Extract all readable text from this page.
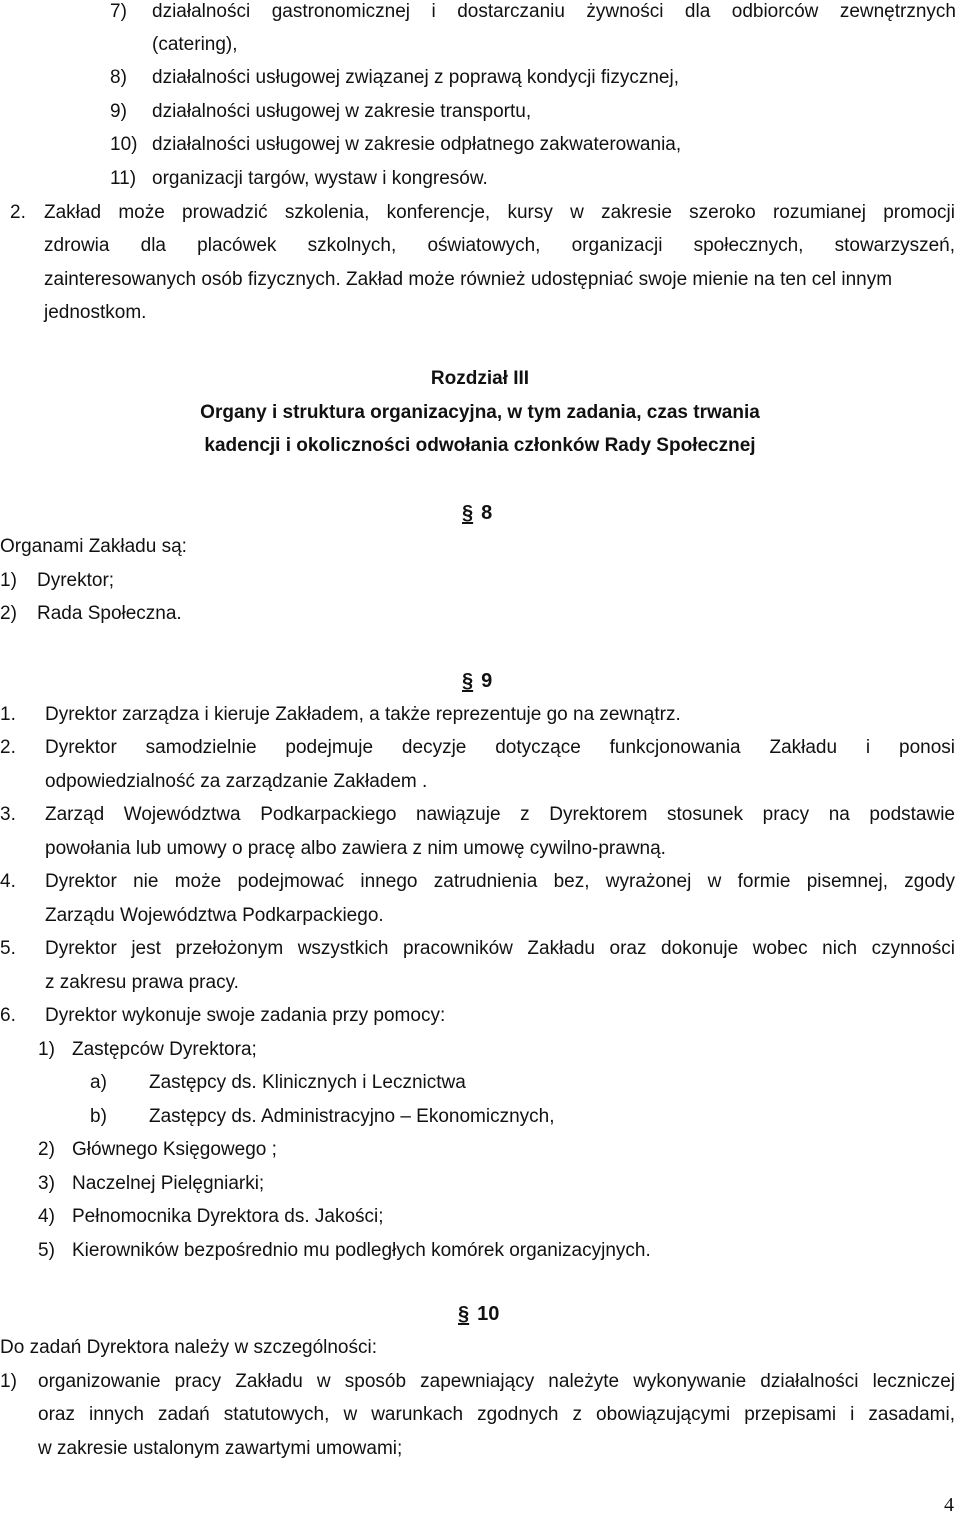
7) działalności gastronomicznej i dostarczaniu żywności dla odbiorców zewnętrznych
(catering),
8) działalności usługowej związanej z poprawą kondycji fizycznej,
9) działalności usługowej w zakresie transportu,
10) działalności usługowej w zakresie odpłatnego zakwaterowania,
11) organizacji targów, wystaw i kongresów.
2. Zakład może prowadzić szkolenia, konferencje, kursy w zakresie szeroko rozumianej promocji
zdrowia dla placówek szkolnych, oświatowych, organizacji społecznych, stowarzyszeń,
zainteresowanych osób fizycznych. Zakład może również udostępniać swoje mienie na ten cel innym
jednostkom.
Rozdział III
Organy i struktura organizacyjna, w tym zadania, czas trwania
kadencji i okoliczności odwołania członków Rady Społecznej
§ 8
Organami Zakładu są:
1) Dyrektor;
2) Rada Społeczna.
§ 9
1. Dyrektor zarządza i kieruje Zakładem, a także reprezentuje go na zewnątrz.
2. Dyrektor samodzielnie podejmuje decyzje dotyczące funkcjonowania Zakładu i ponosi
odpowiedzialność za zarządzanie Zakładem .
3. Zarząd Województwa Podkarpackiego nawiązuje z Dyrektorem stosunek pracy na podstawie
powołania lub umowy o pracę albo zawiera z nim umowę cywilno-prawną.
4. Dyrektor nie może podejmować innego zatrudnienia bez, wyrażonej w formie pisemnej, zgody
Zarządu Województwa Podkarpackiego.
5. Dyrektor jest przełożonym wszystkich pracowników Zakładu oraz dokonuje wobec nich czynności
z zakresu prawa pracy.
6. Dyrektor wykonuje swoje zadania przy pomocy:
1) Zastępców Dyrektora;
a) Zastępcy ds. Klinicznych i Lecznictwa
b) Zastępcy ds. Administracyjno – Ekonomicznych,
2) Głównego Księgowego ;
3) Naczelnej Pielęgniarki;
4) Pełnomocnika Dyrektora ds. Jakości;
5) Kierowników bezpośrednio mu podległych komórek organizacyjnych.
§ 10
Do zadań Dyrektora należy w szczególności:
1) organizowanie pracy Zakładu w sposób zapewniający należyte wykonywanie działalności leczniczej
oraz innych zadań statutowych, w warunkach zgodnych z obowiązującymi przepisami i zasadami,
w zakresie ustalonym zawartymi umowami;
4
